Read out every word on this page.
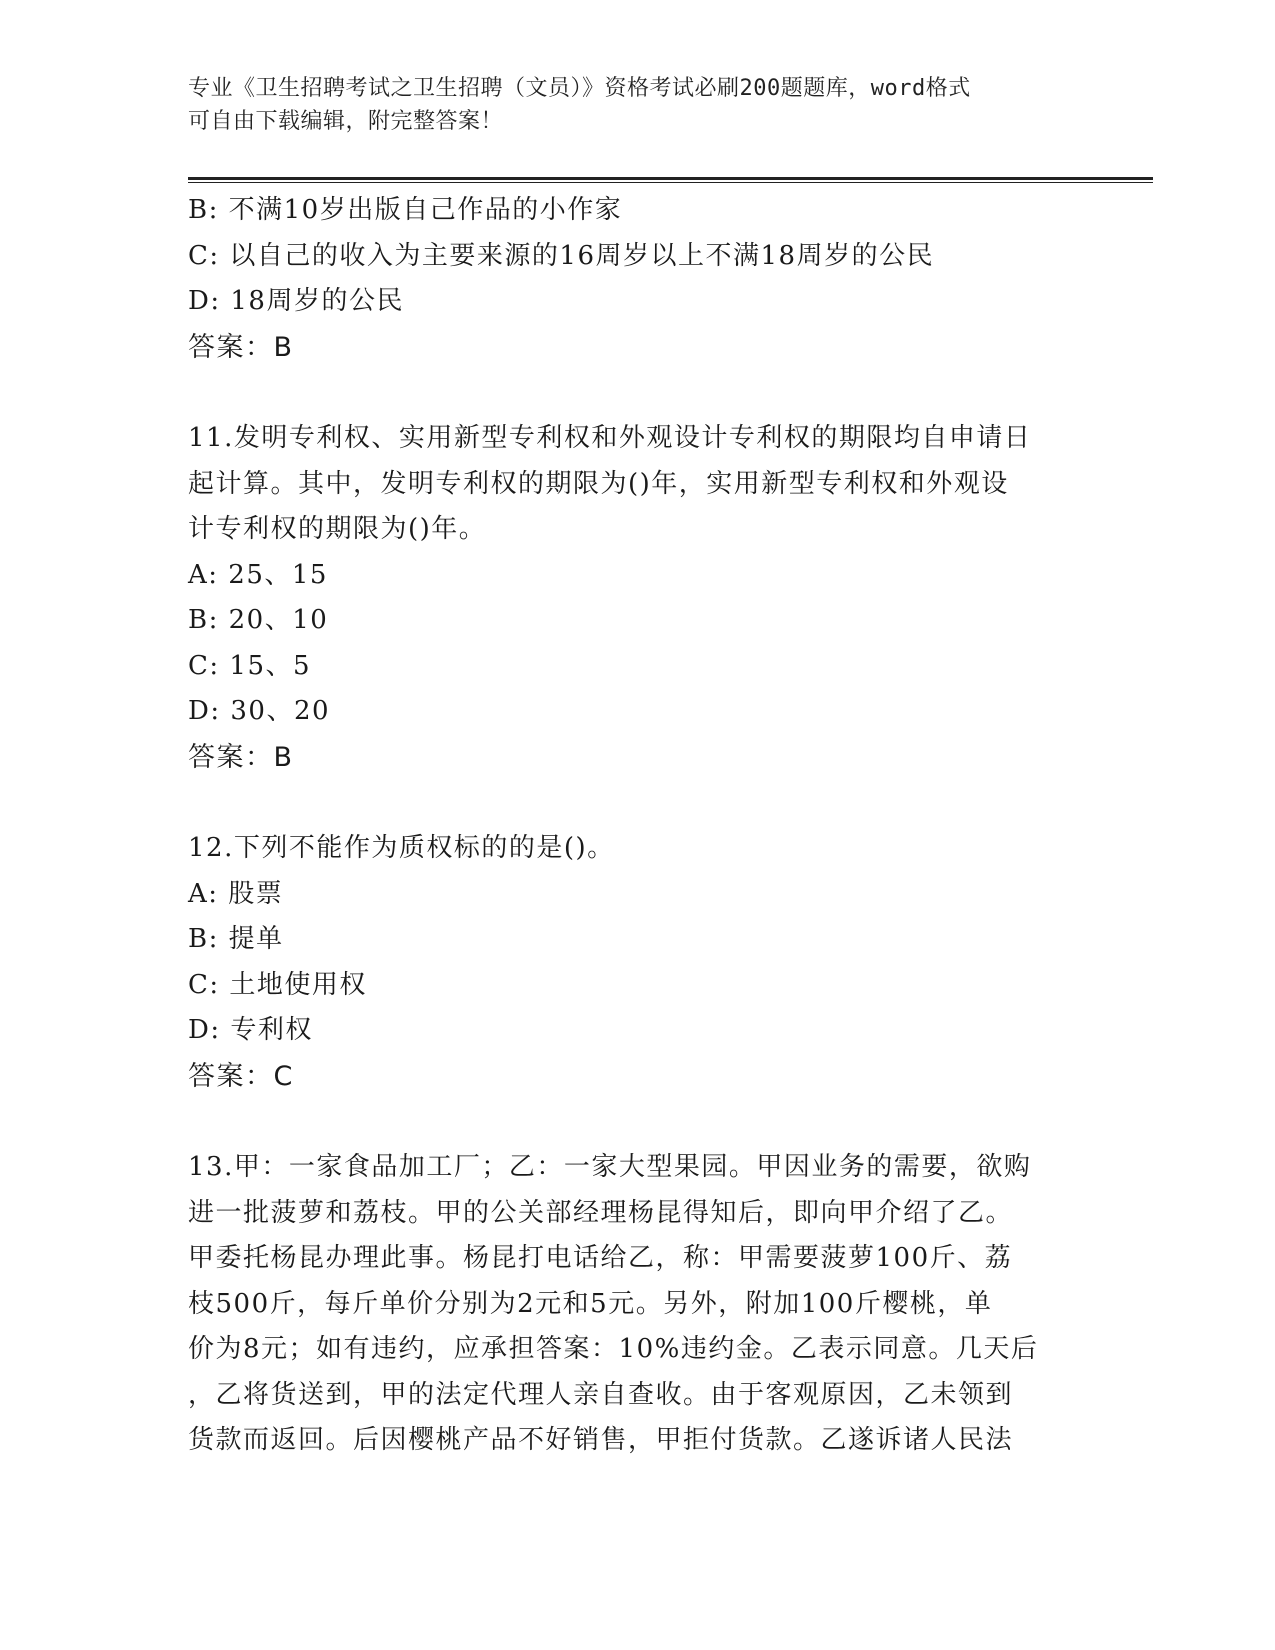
专业《卫生招聘考试之卫生招聘（文员）》资格考试必刷200题题库，word格式
可自由下载编辑，附完整答案！
B: 不满10岁出版自己作品的小作家
C: 以自己的收入为主要来源的16周岁以上不满18周岁的公民
D: 18周岁的公民
答案：B
11.发明专利权、实用新型专利权和外观设计专利权的期限均自申请日
起计算。其中，发明专利权的期限为()年，实用新型专利权和外观设
计专利权的期限为()年。
A: 25、15
B: 20、10
C: 15、5
D: 30、20
答案：B
12.下列不能作为质权标的的是()。
A: 股票
B: 提单
C: 土地使用权
D: 专利权
答案：C
13.甲：一家食品加工厂；乙：一家大型果园。甲因业务的需要，欲购
进一批菠萝和荔枝。甲的公关部经理杨昆得知后，即向甲介绍了乙。
甲委托杨昆办理此事。杨昆打电话给乙，称：甲需要菠萝100斤、荔
枝500斤，每斤单价分别为2元和5元。另外，附加100斤樱桃，单
价为8元；如有违约，应承担答案：10%违约金。乙表示同意。几天后
，乙将货送到，甲的法定代理人亲自查收。由于客观原因，乙未领到
货款而返回。后因樱桃产品不好销售，甲拒付货款。乙遂诉诸人民法
